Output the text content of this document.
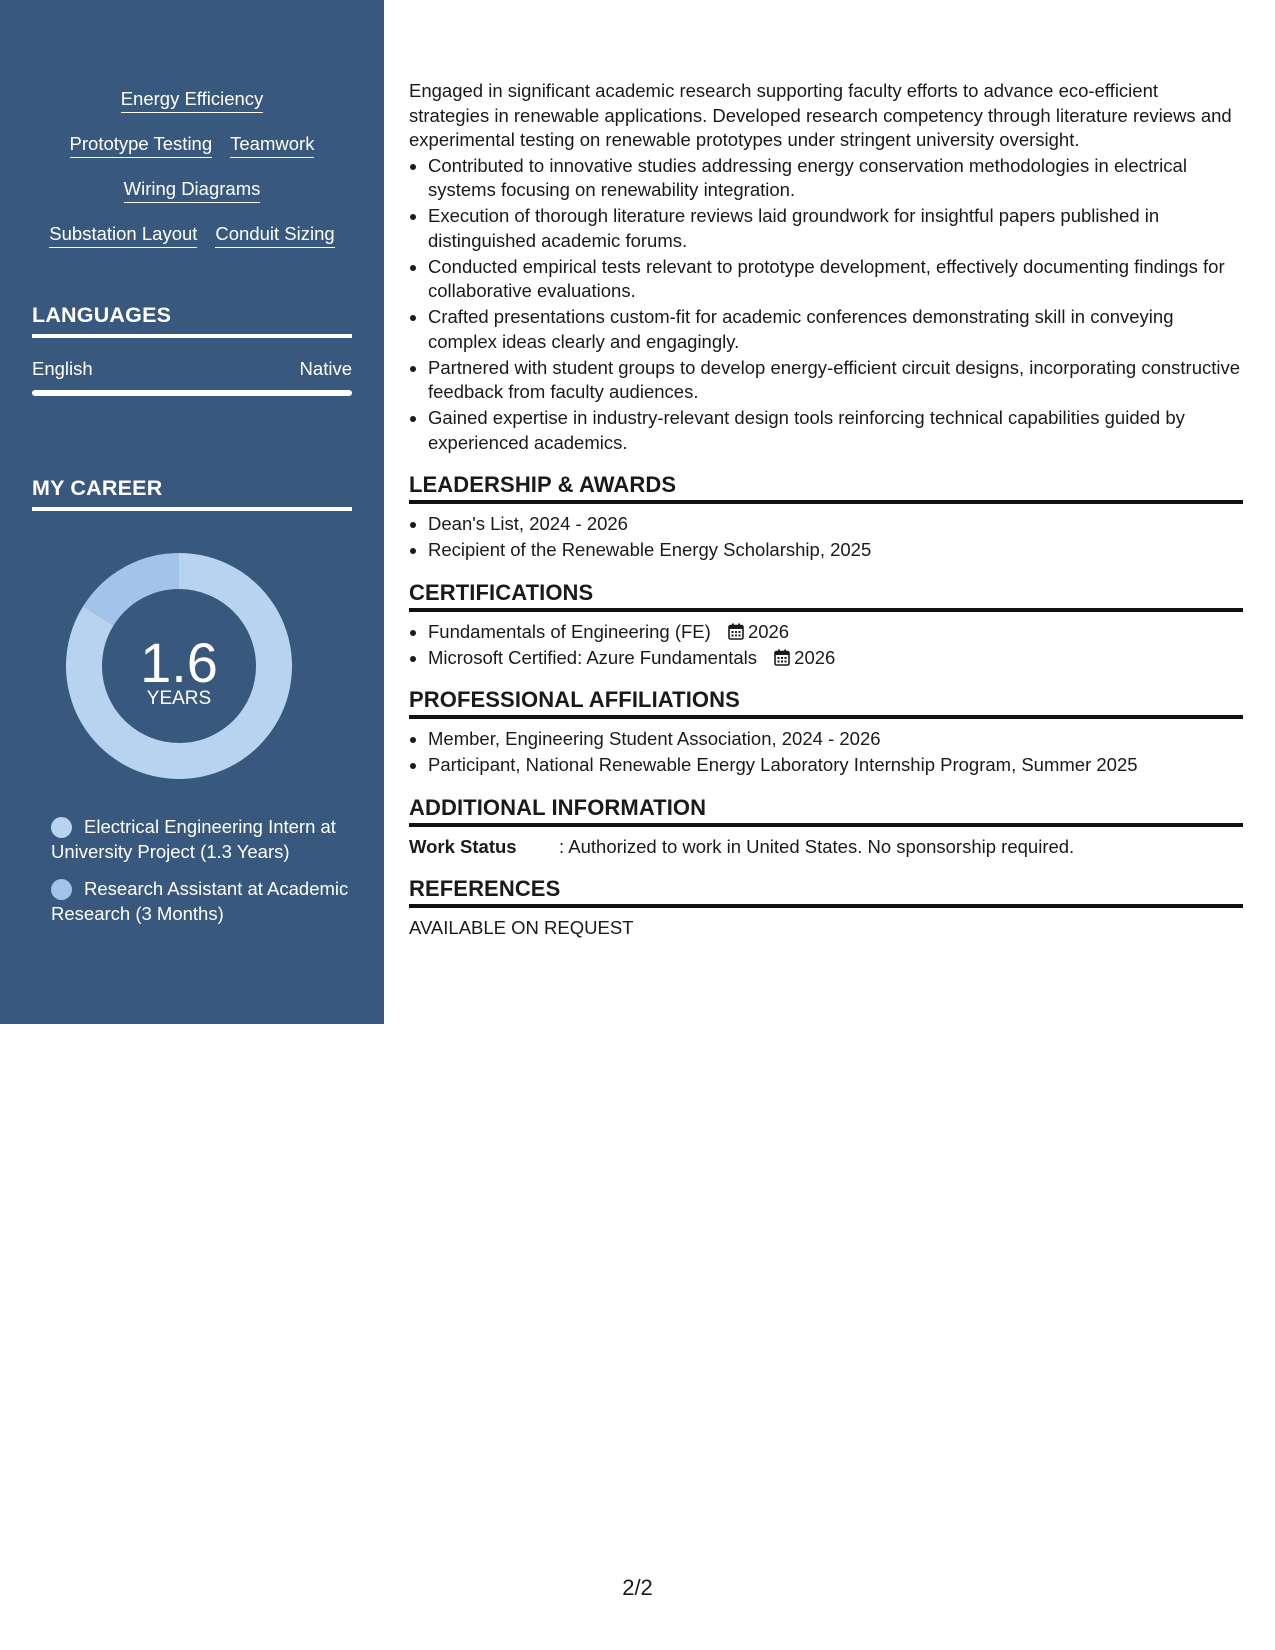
Energy Efficiency
Prototype Testing Teamwork
Wiring Diagrams
Substation Layout Conduit Sizing
LANGUAGES
English	Native
MY CAREER
1.6
YEARS
Electrical Engineering Intern at University Project (1.3 Years)
Research Assistant at Academic Research (3 Months)

Engaged in significant academic research supporting faculty efforts to advance eco-efficient strategies in renewable applications. Developed research competency through literature reviews and experimental testing on renewable prototypes under stringent university oversight.

Contributed to innovative studies addressing energy conservation methodologies in electrical systems focusing on renewability integration.
Execution of thorough literature reviews laid groundwork for insightful papers published in distinguished academic forums.
Conducted empirical tests relevant to prototype development, effectively documenting findings for collaborative evaluations.
Crafted presentations custom-fit for academic conferences demonstrating skill in conveying complex ideas clearly and engagingly.
Partnered with student groups to develop energy-efficient circuit designs, incorporating constructive feedback from faculty audiences.
Gained expertise in industry-relevant design tools reinforcing technical capabilities guided by experienced academics.
LEADERSHIP & AWARDS
Dean's List, 2024 - 2026
Recipient of the Renewable Energy Scholarship, 2025
CERTIFICATIONS
Fundamentals of Engineering (FE) 2026
Microsoft Certified: Azure Fundamentals 2026
PROFESSIONAL AFFILIATIONS
Member, Engineering Student Association, 2024 - 2026
Participant, National Renewable Energy Laboratory Internship Program, Summer 2025
ADDITIONAL INFORMATION
Work Status	: Authorized to work in United States. No sponsorship required.
REFERENCES

AVAILABLE ON REQUEST

2/2
